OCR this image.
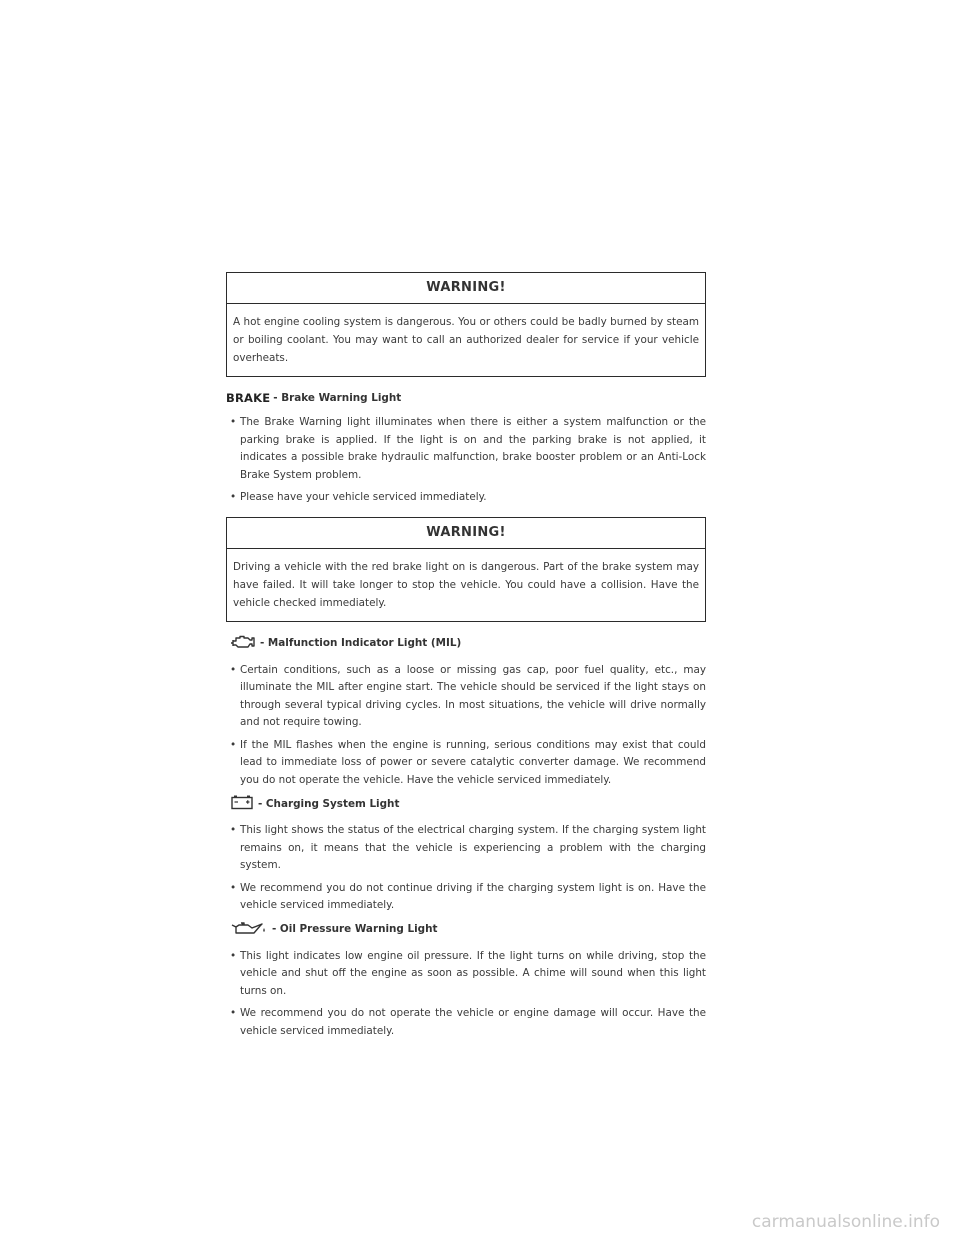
WARNING!
A hot engine cooling system is dangerous. You or others could be badly burned by steam or boiling coolant. You may want to call an authorized dealer for service if your vehicle overheats.
BRAKE - Brake Warning Light
• The Brake Warning light illuminates when there is either a system malfunction or the parking brake is applied. If the light is on and the parking brake is not applied, it indicates a possible brake hydraulic malfunction, brake booster problem or an Anti-Lock Brake System problem.
• Please have your vehicle serviced immediately.
WARNING!
Driving a vehicle with the red brake light on is dangerous. Part of the brake system may have failed. It will take longer to stop the vehicle. You could have a collision. Have the vehicle checked immediately.
- Malfunction Indicator Light (MIL)
• Certain conditions, such as a loose or missing gas cap, poor fuel quality, etc., may illuminate the MIL after engine start. The vehicle should be serviced if the light stays on through several typical driving cycles. In most situations, the vehicle will drive normally and not require towing.
• If the MIL flashes when the engine is running, serious conditions may exist that could lead to immediate loss of power or severe catalytic converter damage. We recommend you do not operate the vehicle. Have the vehicle serviced immediately.
- Charging System Light
• This light shows the status of the electrical charging system. If the charging system light remains on, it means that the vehicle is experiencing a problem with the charging system.
• We recommend you do not continue driving if the charging system light is on. Have the vehicle serviced immediately.
- Oil Pressure Warning Light
• This light indicates low engine oil pressure. If the light turns on while driving, stop the vehicle and shut off the engine as soon as possible. A chime will sound when this light turns on.
• We recommend you do not operate the vehicle or engine damage will occur. Have the vehicle serviced immediately.
carmanualsonline.info
